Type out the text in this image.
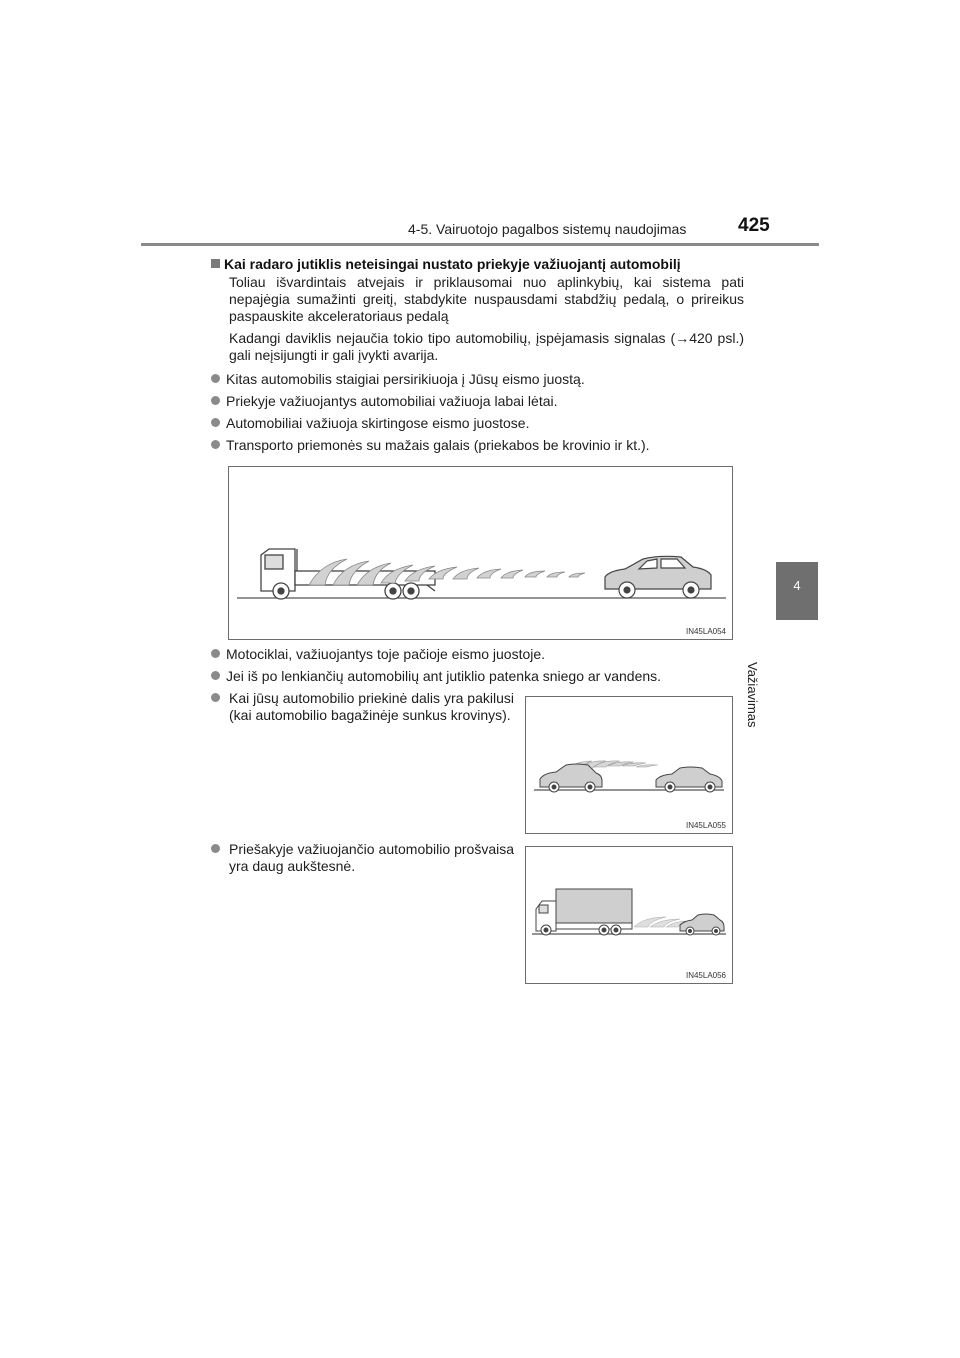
4-5. Vairuotojo pagalbos sistemų naudojimas	425
4
Važiavimas
Kai radaro jutiklis neteisingai nustato priekyje važiuojantį automobilį
Toliau išvardintais atvejais ir priklausomai nuo aplinkybių, kai sistema pati nepajėgia sumažinti greitį, stabdykite nuspausdami stabdžių pedalą, o prireikus paspauskite akceleratoriaus pedalą
Kadangi daviklis nejaučia tokio tipo automobilių, įspėjamasis signalas (→420 psl.) gali neįsijungti ir gali įvykti avarija.
Kitas automobilis staigiai persirikiuoja į Jūsų eismo juostą.
Priekyje važiuojantys automobiliai važiuoja labai lėtai.
Automobiliai važiuoja skirtingose eismo juostose.
Transporto priemonės su mažais galais (priekabos be krovinio ir kt.).
IN45LA054
Motociklai, važiuojantys toje pačioje eismo juostoje.
Jei iš po lenkiančių automobilių ant jutiklio patenka sniego ar vandens.
Kai jūsų automobilio priekinė dalis yra pakilusi (kai automobilio bagažinėje sunkus krovinys).
IN45LA055
Priešakyje važiuojančio automobilio prošvaisa yra daug aukštesnė.
IN45LA056
